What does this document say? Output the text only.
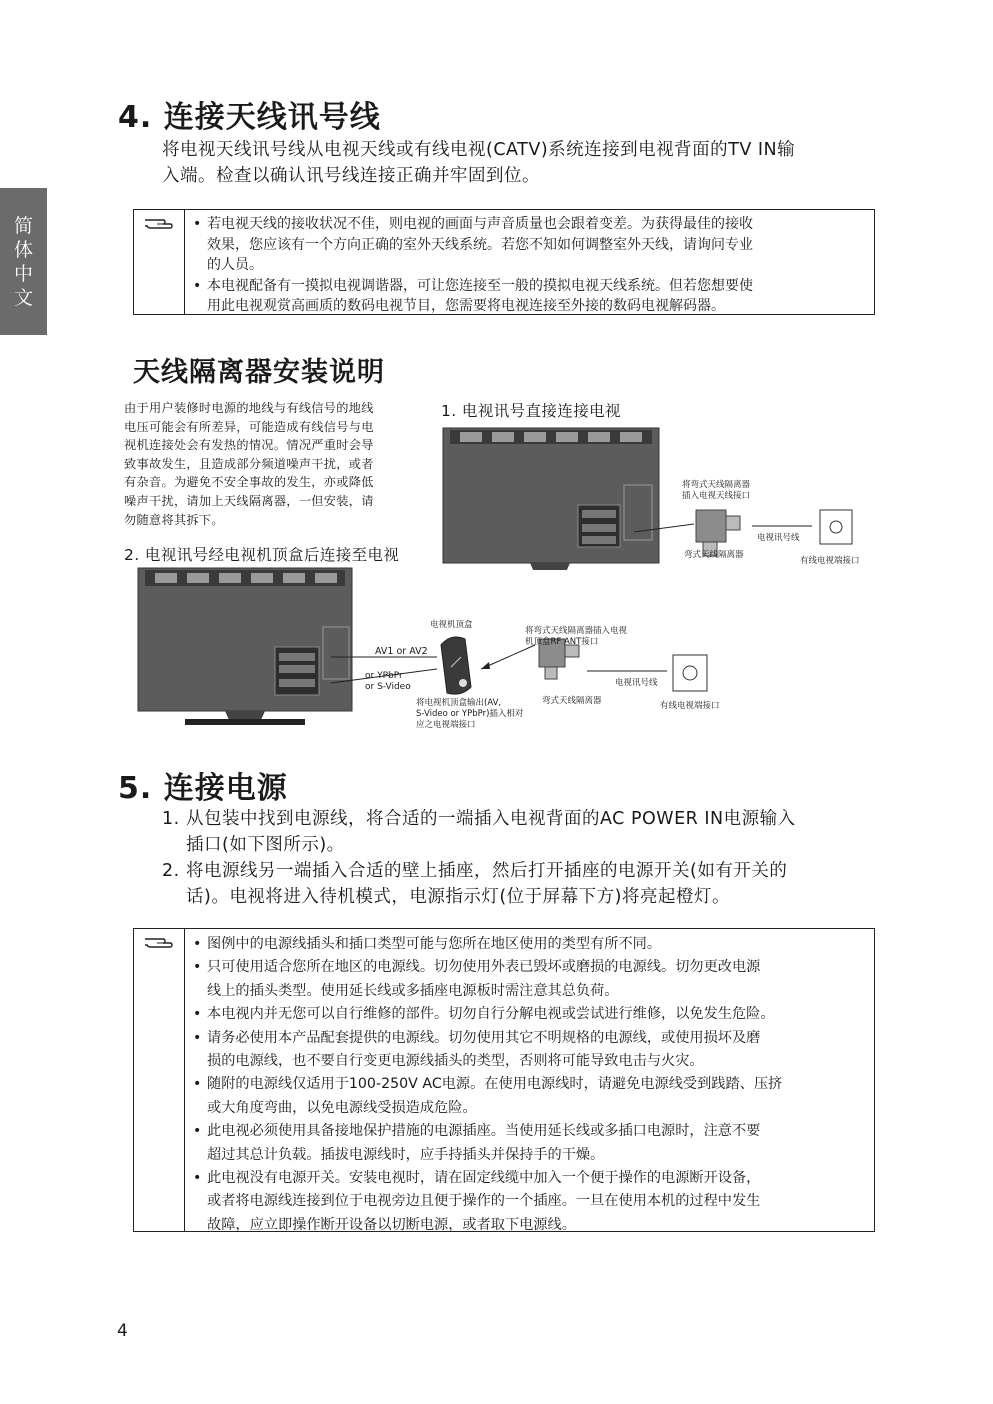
简
体
中
文
4. 连接天线讯号线
将电视天线讯号线从电视天线或有线电视(CATV)系统连接到电视背面的TV IN输
入端。检查以确认讯号线连接正确并牢固到位。
• 若电视天线的接收状况不佳，则电视的画面与声音质量也会跟着变差。为获得最佳的接收
效果，您应该有一个方向正确的室外天线系统。若您不知如何调整室外天线，请询问专业
的人员。
• 本电视配备有一摸拟电视调谐器，可让您连接至一般的摸拟电视天线系统。但若您想要使
用此电视观赏高画质的数码电视节目，您需要将电视连接至外接的数码电视解码器。
天线隔离器安装说明
由于用户装修时电源的地线与有线信号的地线
电压可能会有所差异，可能造成有线信号与电
视机连接处会有发热的情况。情况严重时会导
致事故发生，且造成部分频道噪声干扰，或者
有杂音。为避免不安全事故的发生，亦或降低
噪声干扰，请加上天线隔离器，一但安装，请
勿随意将其拆下。
1. 电视讯号直接连接电视
2. 电视讯号经电视机顶盒后连接至电视
将弯式天线隔离器
插入电视天线接口
弯式天线隔离器
电视讯号线
有线电视端接口
电视机顶盒
AV1 or AV2
or YPbPr
or S-Video
将弯式天线隔离器插入电视
机顶盒RF ANT接口
弯式天线隔离器
电视讯号线
有线电视端接口
将电视机顶盒输出(AV,
S-Video or YPbPr)插入相对
应之电视端接口
5. 连接电源
1. 从包装中找到电源线，将合适的一端插入电视背面的AC POWER IN电源输入
插口(如下图所示)。
2. 将电源线另一端插入合适的壁上插座，然后打开插座的电源开关(如有开关的
话)。电视将进入待机模式，电源指示灯(位于屏幕下方)将亮起橙灯。
• 图例中的电源线插头和插口类型可能与您所在地区使用的类型有所不同。
• 只可使用适合您所在地区的电源线。切勿使用外表已毁坏或磨损的电源线。切勿更改电源
线上的插头类型。使用延长线或多插座电源板时需注意其总负荷。
• 本电视内并无您可以自行维修的部件。切勿自行分解电视或尝试进行维修，以免发生危险。
• 请务必使用本产品配套提供的电源线。切勿使用其它不明规格的电源线，或使用损坏及磨
损的电源线，也不要自行变更电源线插头的类型，否则将可能导致电击与火灾。
• 随附的电源线仅适用于100-250V AC电源。在使用电源线时，请避免电源线受到践踏、压挤
或大角度弯曲，以免电源线受损造成危险。
• 此电视必须使用具备接地保护措施的电源插座。当使用延长线或多插口电源时，注意不要
超过其总计负载。插拔电源线时，应手持插头并保持手的干燥。
• 此电视没有电源开关。安装电视时，请在固定线缆中加入一个便于操作的电源断开设备，
或者将电源线连接到位于电视旁边且便于操作的一个插座。一旦在使用本机的过程中发生
故障，应立即操作断开设备以切断电源，或者取下电源线。
4
